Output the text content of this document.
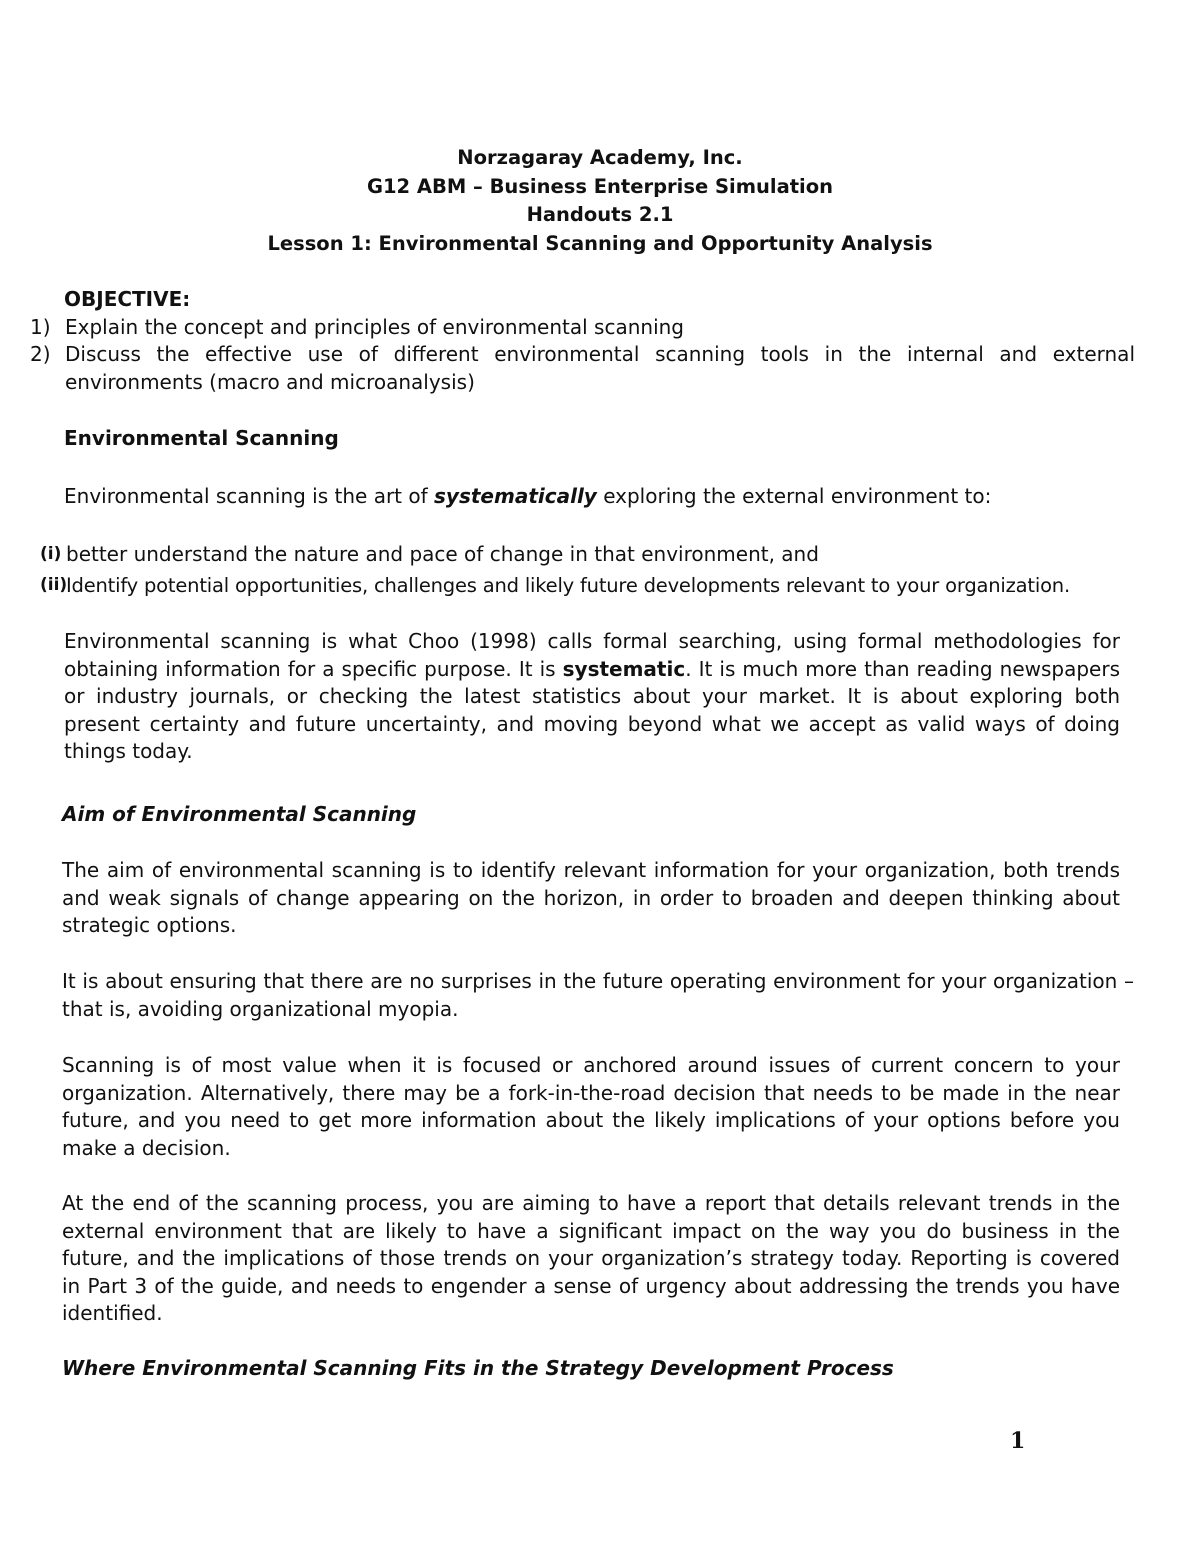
Norzagaray Academy, Inc.
G12 ABM – Business Enterprise Simulation
Handouts 2.1
Lesson 1: Environmental Scanning and Opportunity Analysis
OBJECTIVE:
1) Explain the concept and principles of environmental scanning
2) Discuss the effective use of different environmental scanning tools in the internal and external environments (macro and microanalysis)
Environmental Scanning
Environmental scanning is the art of systematically exploring the external environment to:
(i) better understand the nature and pace of change in that environment, and
(ii)
Identify potential opportunities, challenges and likely future developments relevant to your organization.
Environmental scanning is what Choo (1998) calls formal searching, using formal methodologies for obtaining information for a specific purpose. It is systematic. It is much more than reading newspapers or industry journals, or checking the latest statistics about your market. It is about exploring both present certainty and future uncertainty, and moving beyond what we accept as valid ways of doing things today.
Aim of Environmental Scanning
The aim of environmental scanning is to identify relevant information for your organization, both trends and weak signals of change appearing on the horizon, in order to broaden and deepen thinking about strategic options.
It is about ensuring that there are no surprises in the future operating environment for your organization – that is, avoiding organizational myopia.
Scanning is of most value when it is focused or anchored around issues of current concern to your organization. Alternatively, there may be a fork-in-the-road decision that needs to be made in the near future, and you need to get more information about the likely implications of your options before you make a decision.
At the end of the scanning process, you are aiming to have a report that details relevant trends in the external environment that are likely to have a significant impact on the way you do business in the future, and the implications of those trends on your organization’s strategy today. Reporting is covered in Part 3 of the guide, and needs to engender a sense of urgency about addressing the trends you have identified.
Where Environmental Scanning Fits in the Strategy Development Process
1
